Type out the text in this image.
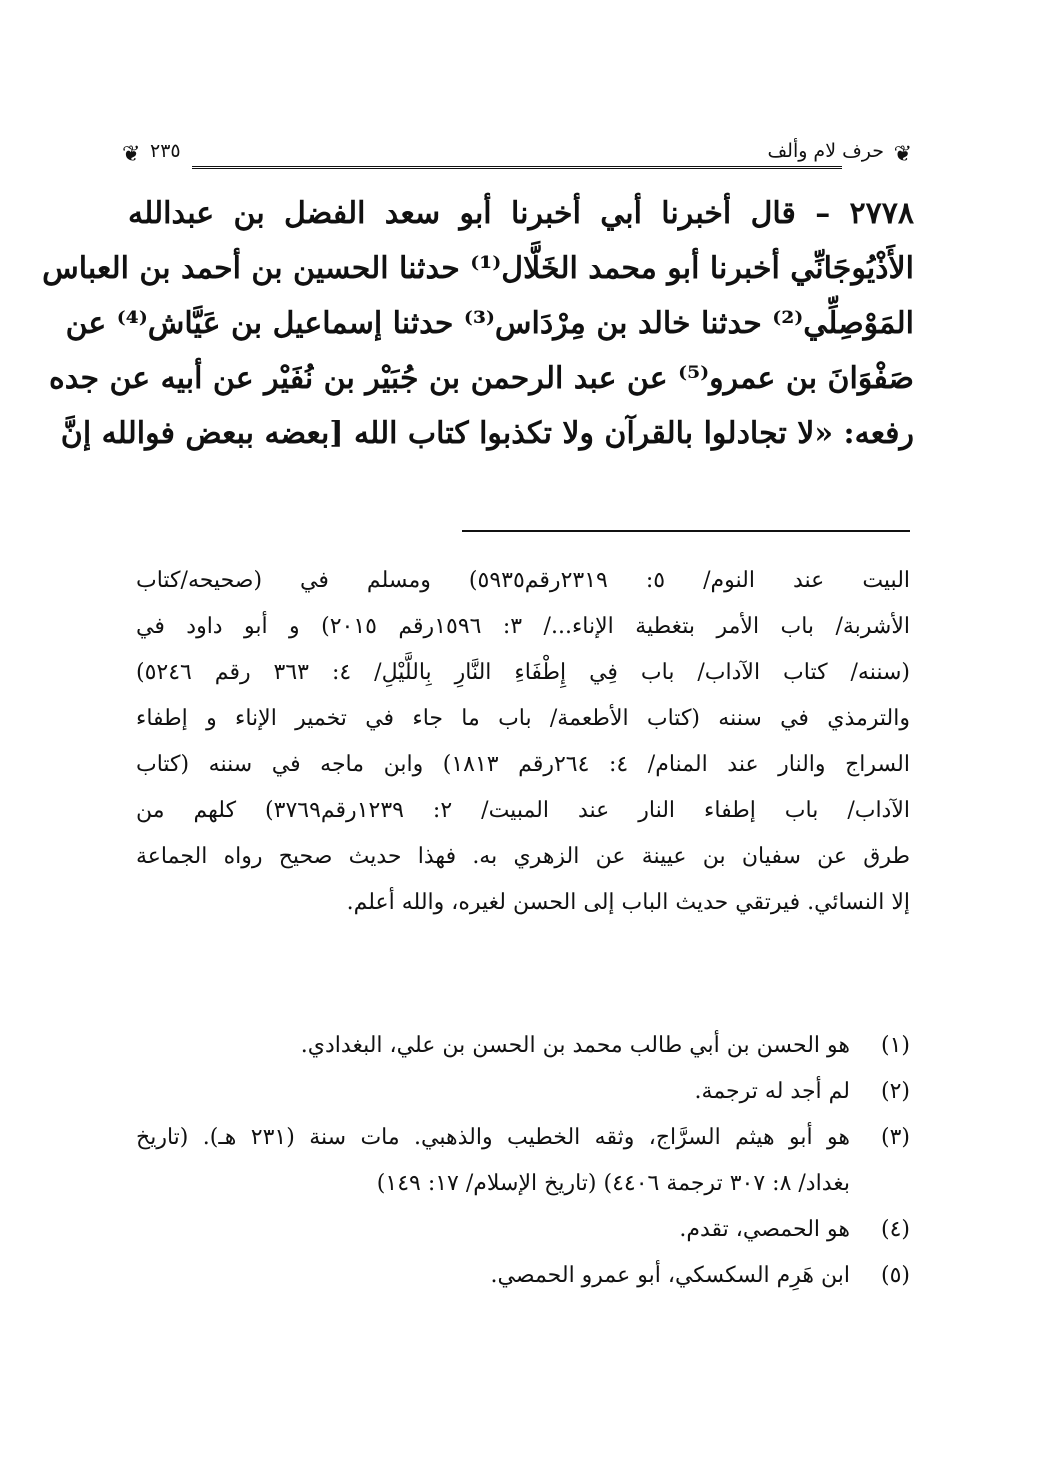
❦ ٢٣٥	حرف لام وألف ❦
٢٧٧٨ – قال أخبرنا أبي أخبرنا أبو سعد الفضل بن عبدالله
الأَذْيُوجَانِّي أخبرنا أبو محمد الخَلَّال⁽¹⁾ حدثنا الحسين بن أحمد بن العباس
المَوْصِلِّي⁽²⁾ حدثنا خالد بن مِرْدَاس⁽³⁾ حدثنا إسماعيل بن عَيَّاش⁽⁴⁾ عن
صَفْوَانَ بن عمرو⁽⁵⁾ عن عبد الرحمن بن جُبَيْر بن نُفَيْر عن أبيه عن جده
رفعه: «لا تجادلوا بالقرآن ولا تكذبوا كتاب الله [بعضه ببعض فوالله إنَّ
البيت عند النوم/ ٥: ٢٣١٩رقم٥٩٣٥) ومسلم في (صحيحه/كتاب
الأشربة/ باب الأمر بتغطية الإناء.../ ٣: ١٥٩٦رقم ٢٠١٥) و أبو داود في
(سننه/ كتاب الآداب/ باب فِي إِطْفَاءِ النَّارِ بِاللَّيْلِ/ ٤: ٣٦٣ رقم ٥٢٤٦)
والترمذي في سننه (كتاب الأطعمة/ باب ما جاء في تخمير الإناء و إطفاء
السراج والنار عند المنام/ ٤: ٢٦٤رقم ١٨١٣) وابن ماجه في سننه (كتاب
الآداب/ باب إطفاء النار عند المبيت/ ٢: ١٢٣٩رقم٣٧٦٩) كلهم من
طرق عن سفيان بن عيينة عن الزهري به. فهذا حديث صحيح رواه الجماعة
إلا النسائي. فيرتقي حديث الباب إلى الحسن لغيره، والله أعلم.
(١)
هو الحسن بن أبي طالب محمد بن الحسن بن علي، البغدادي.
(٢)
لم أجد له ترجمة.
(٣)
هو أبو هيثم السرَّاج، وثقه الخطيب والذهبي. مات سنة (٢٣١ هـ). (تاريخ
بغداد/ ٨: ٣٠٧ ترجمة ٤٤٠٦) (تاريخ الإسلام/ ١٧: ١٤٩)
(٤)
هو الحمصي، تقدم.
(٥)
ابن هَرِم السكسكي، أبو عمرو الحمصي.
